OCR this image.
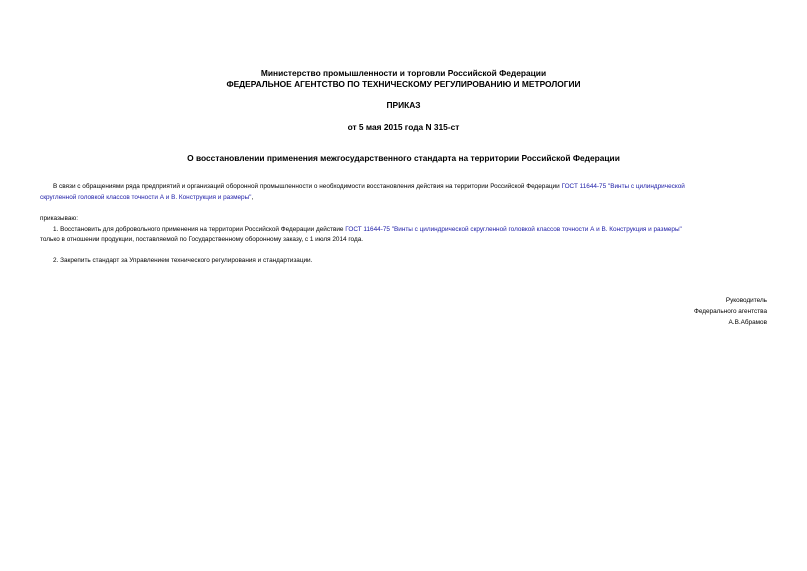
Министерство промышленности и торговли Российской Федерации
ФЕДЕРАЛЬНОЕ АГЕНТСТВО ПО ТЕХНИЧЕСКОМУ РЕГУЛИРОВАНИЮ И МЕТРОЛОГИИ
ПРИКАЗ
от 5 мая 2015 года N 315-ст
О восстановлении применения межгосударственного стандарта на территории Российской Федерации
В связи с обращениями ряда предприятий и организаций оборонной промышленности о необходимости восстановления действия на территории Российской Федерации ГОСТ 11644-75 "Винты с цилиндрической
скругленной головкой классов точности А и В. Конструкция и размеры",
приказываю:
1. Восстановить для добровольного применения на территории Российской Федерации действие ГОСТ 11644-75 "Винты с цилиндрической скругленной головкой классов точности А и В. Конструкция и размеры"
только в отношении продукции, поставляемой по Государственному оборонному заказу, с 1 июля 2014 года.
2. Закрепить стандарт за Управлением технического регулирования и стандартизации.
Руководитель
Федерального агентства
А.В.Абрамов
